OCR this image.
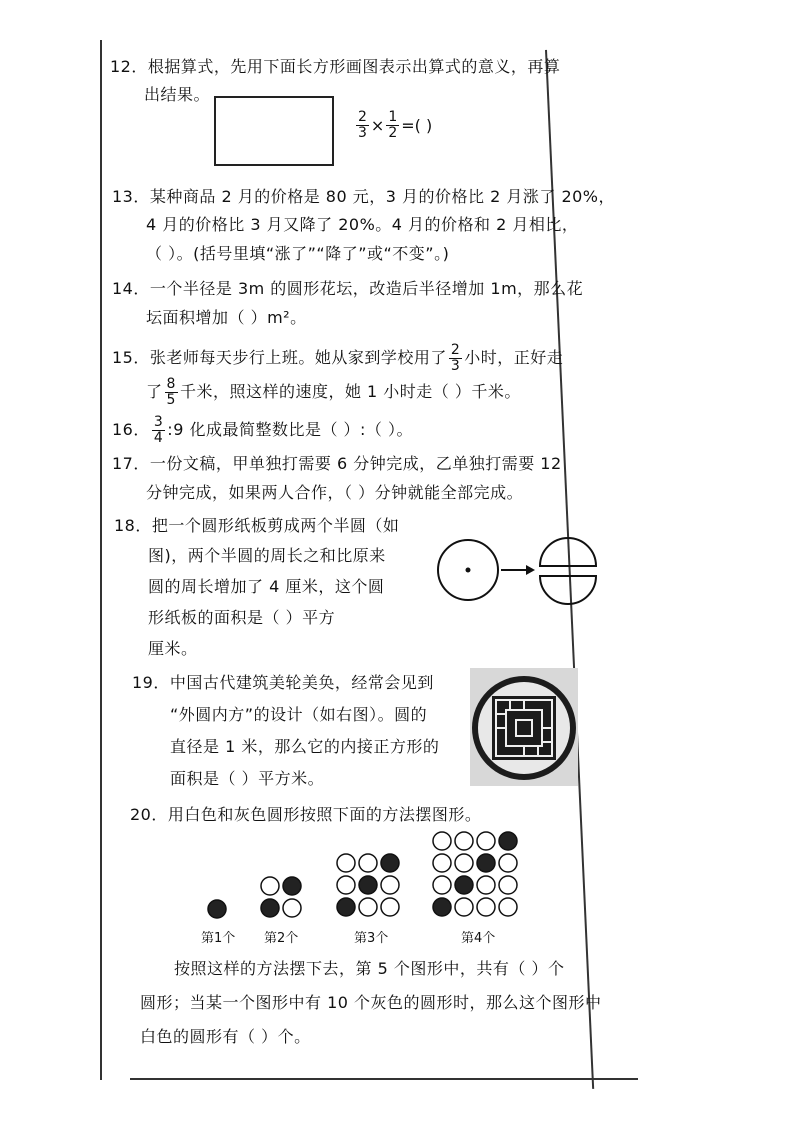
12．根据算式，先用下面长方形画图表示出算式的意义，再算
出结果。
$\frac{2}{3} \times \frac{1}{2}$ =( )
13．某种商品 2 月的价格是 80 元，3 月的价格比 2 月涨了 20%，
4 月的价格比 3 月又降了 20%。4 月的价格和 2 月相比，
（ ）。(括号里填“涨了”“降了”或“不变”。)
14．一个半径是 3m 的圆形花坛，改造后半径增加 1m，那么花
坛面积增加（ ）m²。
15．张老师每天步行上班。她从家到学校用了 $\frac{2}{3}$ 小时，正好走
了 $\frac{8}{5}$ 千米，照这样的速度，她 1 小时走（ ）千米。
16． $\frac{3}{4}$ :9 化成最简整数比是（ ）:（ ）。
17．一份文稿，甲单独打需要 6 分钟完成，乙单独打需要 12
分钟完成，如果两人合作，（ ）分钟就能全部完成。
18．把一个圆形纸板剪成两个半圆（如
图)，两个半圆的周长之和比原来
圆的周长增加了 4 厘米，这个圆
形纸板的面积是（ ）平方
厘米。
19．中国古代建筑美轮美奂，经常会见到
“外圆内方”的设计（如右图）。圆的
直径是 1 米，那么它的内接正方形的
面积是（ ）平方米。
20．用白色和灰色圆形按照下面的方法摆图形。
第1个 第2个	第3个	第4个
按照这样的方法摆下去，第 5 个图形中，共有（ ）个
圆形；当某一个图形中有 10 个灰色的圆形时，那么这个图形中
白色的圆形有（ ）个。
